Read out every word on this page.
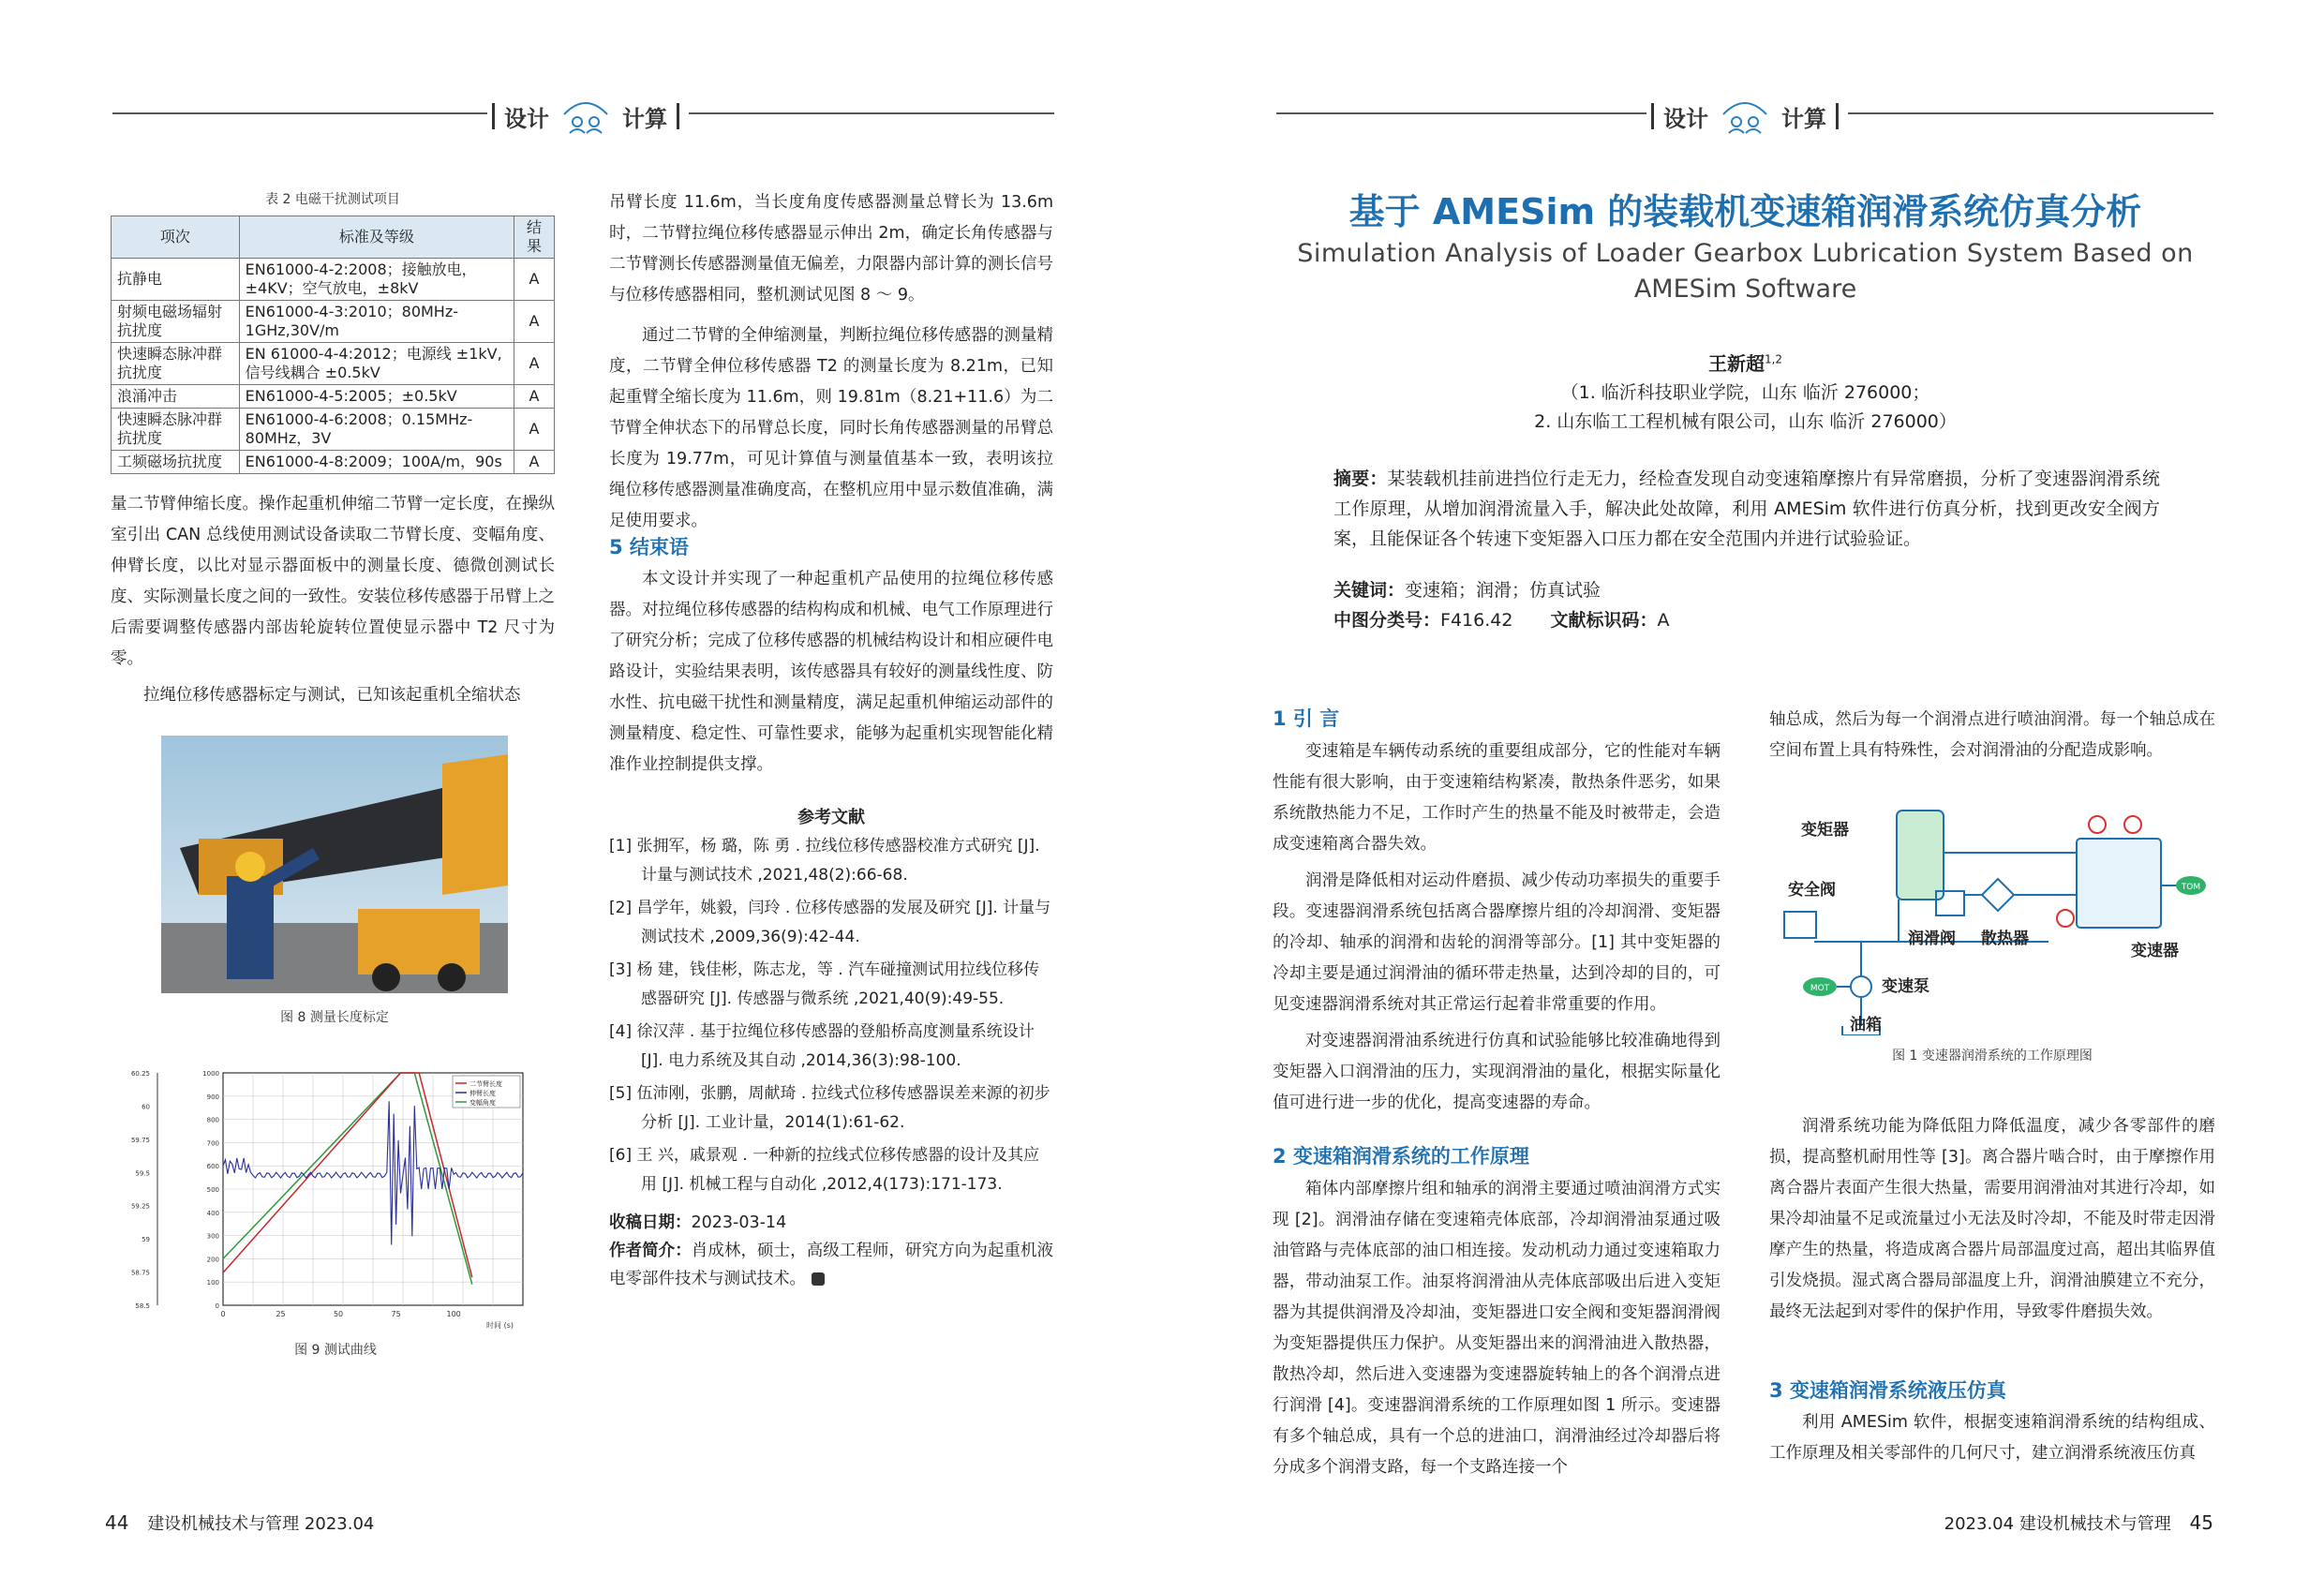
设计	计算	设计	计算
表 2 电磁干扰测试项目
项次	标准及等级	结果
抗静电	EN61000-4-2:2008；接触放电，±4KV；空气放电，±8kV	A
射频电磁场辐射抗扰度	EN61000-4-3:2010；80MHz-1GHz,30V/m	A
快速瞬态脉冲群抗扰度	EN 61000-4-4:2012；电源线 ±1kV,信号线耦合 ±0.5kV	A
浪涌冲击	EN61000-4-5:2005；±0.5kV	A
快速瞬态脉冲群抗扰度	EN61000-4-6:2008；0.15MHz-80MHz，3V	A
工频磁场抗扰度	EN61000-4-8:2009；100A/m，90s	A

量二节臂伸缩长度。操作起重机伸缩二节臂一定长度，在操纵室引出 CAN 总线使用测试设备读取二节臂长度、变幅角度、伸臂长度，以比对显示器面板中的测量长度、德微创测试长度、实际测量长度之间的一致性。安装位移传感器于吊臂上之后需要调整传感器内部齿轮旋转位置使显示器中 T2 尺寸为零。

拉绳位移传感器标定与测试，已知该起重机全缩状态

图 8 测量长度标定
60.25
60
59.75
59.5
59.25
59
58.75
58.5
1000
900
800
700
600
500
400
300
200
100
0
0	25	50	75	100
时间 (s)
二节臂长度
伸臂长度
变幅角度
图 9 测试曲线

吊臂长度 11.6m，当长度角度传感器测量总臂长为 13.6m 时，二节臂拉绳位移传感器显示伸出 2m，确定长角传感器与二节臂测长传感器测量值无偏差，力限器内部计算的测长信号与位移传感器相同，整机测试见图 8 ～ 9。

通过二节臂的全伸缩测量，判断拉绳位移传感器的测量精度，二节臂全伸位移传感器 T2 的测量长度为 8.21m，已知起重臂全缩长度为 11.6m，则 19.81m（8.21+11.6）为二节臂全伸状态下的吊臂总长度，同时长角传感器测量的吊臂总长度为 19.77m，可见计算值与测量值基本一致，表明该拉绳位移传感器测量准确度高，在整机应用中显示数值准确，满足使用要求。

5 结束语

本文设计并实现了一种起重机产品使用的拉绳位移传感器。对拉绳位移传感器的结构构成和机械、电气工作原理进行了研究分析；完成了位移传感器的机械结构设计和相应硬件电路设计，实验结果表明，该传感器具有较好的测量线性度、防水性、抗电磁干扰性和测量精度，满足起重机伸缩运动部件的测量精度、稳定性、可靠性要求，能够为起重机实现智能化精准作业控制提供支撑。

参考文献

[1] 张拥军，杨 璐，陈 勇 . 拉线位移传感器校准方式研究 [J]. 计量与测试技术 ,2021,48(2):66-68.

[2] 昌学年，姚毅，闫玲 . 位移传感器的发展及研究 [J]. 计量与测试技术 ,2009,36(9):42-44.

[3] 杨 建，钱佳彬，陈志龙，等 . 汽车碰撞测试用拉线位移传感器研究 [J]. 传感器与微系统 ,2021,40(9):49-55.

[4] 徐汉萍 . 基于拉绳位移传感器的登船桥高度测量系统设计 [J]. 电力系统及其自动 ,2014,36(3):98-100.

[5] 伍沛刚，张鹏，周献琦 . 拉线式位移传感器误差来源的初步分析 [J]. 工业计量，2014(1):61-62.

[6] 王 兴，戚景观 . 一种新的拉线式位移传感器的设计及其应用 [J]. 机械工程与自动化 ,2012,4(173):171-173.

收稿日期：2023-03-14
作者简介：肖成林，硕士，高级工程师，研究方向为起重机液电零部件技术与测试技术。
基于 AMESim 的装载机变速箱润滑系统仿真分析
Simulation Analysis of Loader Gearbox Lubrication System Based on
AMESim Software
王新超$^{1,2}$
（1. 临沂科技职业学院，山东 临沂 276000；
2. 山东临工工程机械有限公司，山东 临沂 276000）
摘要：某装载机挂前进挡位行走无力，经检查发现自动变速箱摩擦片有异常磨损，分析了变速器润滑系统工作原理，从增加润滑流量入手，解决此处故障，利用 AMESim 软件进行仿真分析，找到更改安全阀方案，且能保证各个转速下变矩器入口压力都在安全范围内并进行试验验证。
关键词：变速箱；润滑；仿真试验
中图分类号：F416.42 文献标识码：A
1 引 言

变速箱是车辆传动系统的重要组成部分，它的性能对车辆性能有很大影响，由于变速箱结构紧凑，散热条件恶劣，如果系统散热能力不足，工作时产生的热量不能及时被带走，会造成变速箱离合器失效。

润滑是降低相对运动件磨损、减少传动功率损失的重要手段。变速器润滑系统包括离合器摩擦片组的冷却润滑、变矩器的冷却、轴承的润滑和齿轮的润滑等部分。[1] 其中变矩器的冷却主要是通过润滑油的循环带走热量，达到冷却的目的，可见变速器润滑系统对其正常运行起着非常重要的作用。

对变速器润滑油系统进行仿真和试验能够比较准确地得到变矩器入口润滑油的压力，实现润滑油的量化，根据实际量化值可进行进一步的优化，提高变速器的寿命。

2 变速箱润滑系统的工作原理

箱体内部摩擦片组和轴承的润滑主要通过喷油润滑方式实现 [2]。润滑油存储在变速箱壳体底部，冷却润滑油泵通过吸油管路与壳体底部的油口相连接。发动机动力通过变速箱取力器，带动油泵工作。油泵将润滑油从壳体底部吸出后进入变矩器为其提供润滑及冷却油，变矩器进口安全阀和变矩器润滑阀为变矩器提供压力保护。从变矩器出来的润滑油进入散热器，散热冷却，然后进入变速器为变速器旋转轴上的各个润滑点进行润滑 [4]。变速器润滑系统的工作原理如图 1 所示。变速器有多个轴总成，具有一个总的进油口，润滑油经过冷却器后将分成多个润滑支路，每一个支路连接一个

轴总成，然后为每一个润滑点进行喷油润滑。每一个轴总成在空间布置上具有特殊性，会对润滑油的分配造成影响。

MOT
TOM
变矩器
安全阀
润滑阀 散热器
变速器
变速泵
油箱
图 1 变速器润滑系统的工作原理图

润滑系统功能为降低阻力降低温度，减少各零部件的磨损，提高整机耐用性等 [3]。离合器片啮合时，由于摩擦作用离合器片表面产生很大热量，需要用润滑油对其进行冷却，如果冷却油量不足或流量过小无法及时冷却，不能及时带走因滑摩产生的热量，将造成离合器片局部温度过高，超出其临界值引发烧损。湿式离合器局部温度上升，润滑油膜建立不充分，最终无法起到对零件的保护作用，导致零件磨损失效。

3 变速箱润滑系统液压仿真

利用 AMESim 软件，根据变速箱润滑系统的结构组成、工作原理及相关零部件的几何尺寸，建立润滑系统液压仿真

44 建设机械技术与管理 2023.04	2023.04 建设机械技术与管理 45
